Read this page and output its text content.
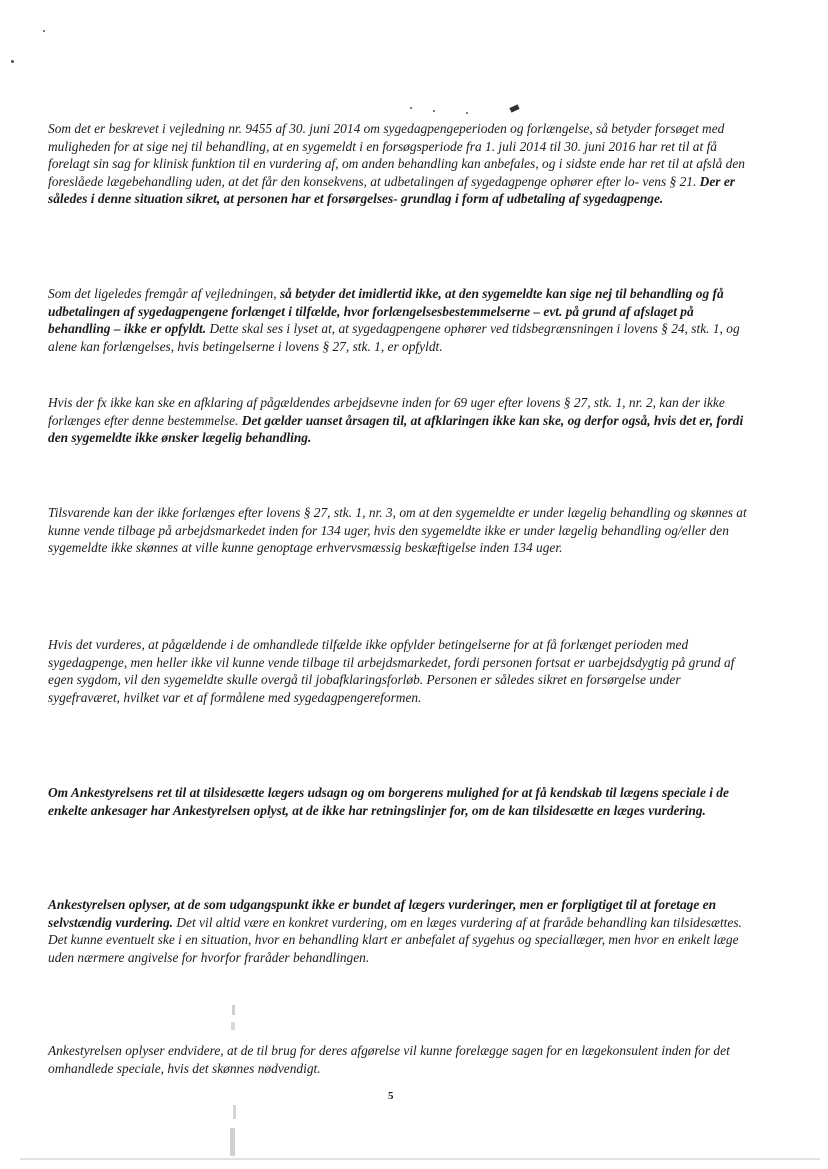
Som det er beskrevet i vejledning nr. 9455 af 30. juni 2014 om sygedagpengeperioden og forlængelse, så betyder forsøget med muligheden for at sige nej til behandling, at en sygemeldt i en forsøgsperiode fra 1. juli 2014 til 30. juni 2016 har ret til at få forelagt sin sag for klinisk funktion til en vurdering af, om anden behandling kan anbefales, og i sidste ende har ret til at afslå den foreslåede lægebehandling uden, at det får den konsekvens, at udbetalingen af sygedagpenge ophører efter lo- vens § 21. Der er således i denne situation sikret, at personen har et forsørgelses- grundlag i form af udbetaling af sygedagpenge.

Som det ligeledes fremgår af vejledningen, så betyder det imidlertid ikke, at den sygemeldte kan sige nej til behandling og få udbetalingen af sygedagpengene forlænget i tilfælde, hvor forlængelsesbestemmelserne – evt. på grund af afslaget på behandling – ikke er opfyldt. Dette skal ses i lyset at, at sygedagpengene ophører ved tidsbegrænsningen i lovens § 24, stk. 1, og alene kan forlængelses, hvis betingelserne i lovens § 27, stk. 1, er opfyldt.

Hvis der fx ikke kan ske en afklaring af pågældendes arbejdsevne inden for 69 uger efter lovens § 27, stk. 1, nr. 2, kan der ikke forlænges efter denne bestemmelse. Det gælder uanset årsagen til, at afklaringen ikke kan ske, og derfor også, hvis det er, fordi den sygemeldte ikke ønsker lægelig behandling.

Tilsvarende kan der ikke forlænges efter lovens § 27, stk. 1, nr. 3, om at den sygemeldte er under lægelig behandling og skønnes at kunne vende tilbage på arbejdsmarkedet inden for 134 uger, hvis den sygemeldte ikke er under lægelig behandling og/eller den sygemeldte ikke skønnes at ville kunne genoptage erhvervsmæssig beskæftigelse inden 134 uger.

Hvis det vurderes, at pågældende i de omhandlede tilfælde ikke opfylder betingelserne for at få forlænget perioden med sygedagpenge, men heller ikke vil kunne vende tilbage til arbejdsmarkedet, fordi personen fortsat er uarbejdsdygtig på grund af egen sygdom, vil den sygemeldte skulle overgå til jobafklaringsforløb. Personen er således sikret en forsørgelse under sygefraværet, hvilket var et af formålene med sygedagpengereformen.

Om Ankestyrelsens ret til at tilsidesætte lægers udsagn og om borgerens mulighed for at få kendskab til lægens speciale i de enkelte ankesager har Ankestyrelsen oplyst, at de ikke har retningslinjer for, om de kan tilsidesætte en læges vurdering.

Ankestyrelsen oplyser, at de som udgangspunkt ikke er bundet af lægers vurderinger, men er forpligtiget til at foretage en selvstændig vurdering. Det vil altid være en konkret vurdering, om en læges vurdering af at fraråde behandling kan tilsidesættes. Det kunne eventuelt ske i en situation, hvor en behandling klart er anbefalet af sygehus og speciallæger, men hvor en enkelt læge uden nærmere angivelse for hvorfor fraråder behandlingen.

Ankestyrelsen oplyser endvidere, at de til brug for deres afgørelse vil kunne forelægge sagen for en lægekonsulent inden for det omhandlede speciale, hvis det skønnes nødvendigt.

5
